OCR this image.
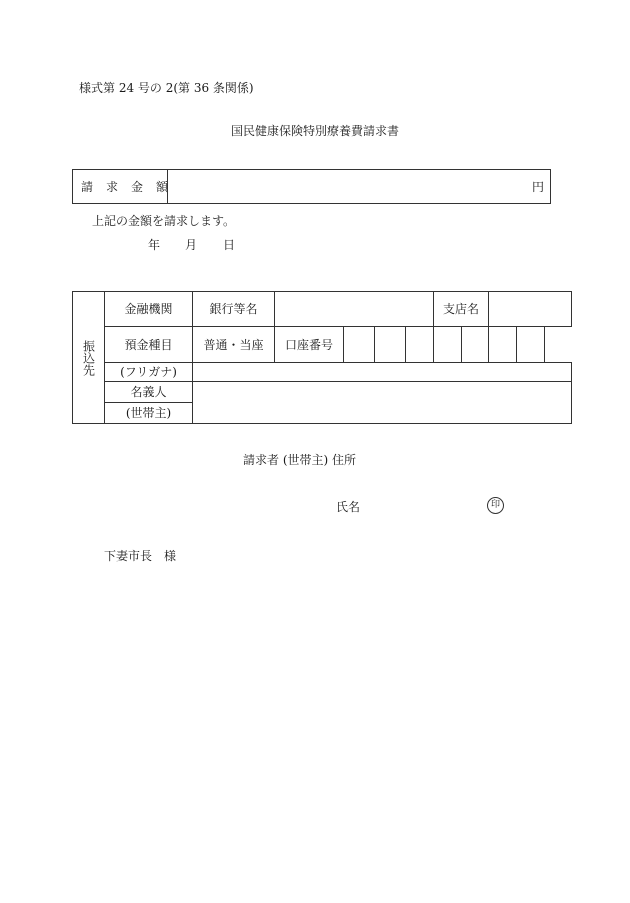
様式第 24 号の 2(第 36 条関係)
国民健康保険特別療養費請求書
請求金額	円
上記の金額を請求します。
年 月 日
振込先	金融機関	銀行等名					支店名			
	預金種目	普通・当座	口座番号							
	(フリガナ)									
	名義人									
	(世帯主)									
請求者 (世帯主) 住所
氏名	印
下妻市長　様
